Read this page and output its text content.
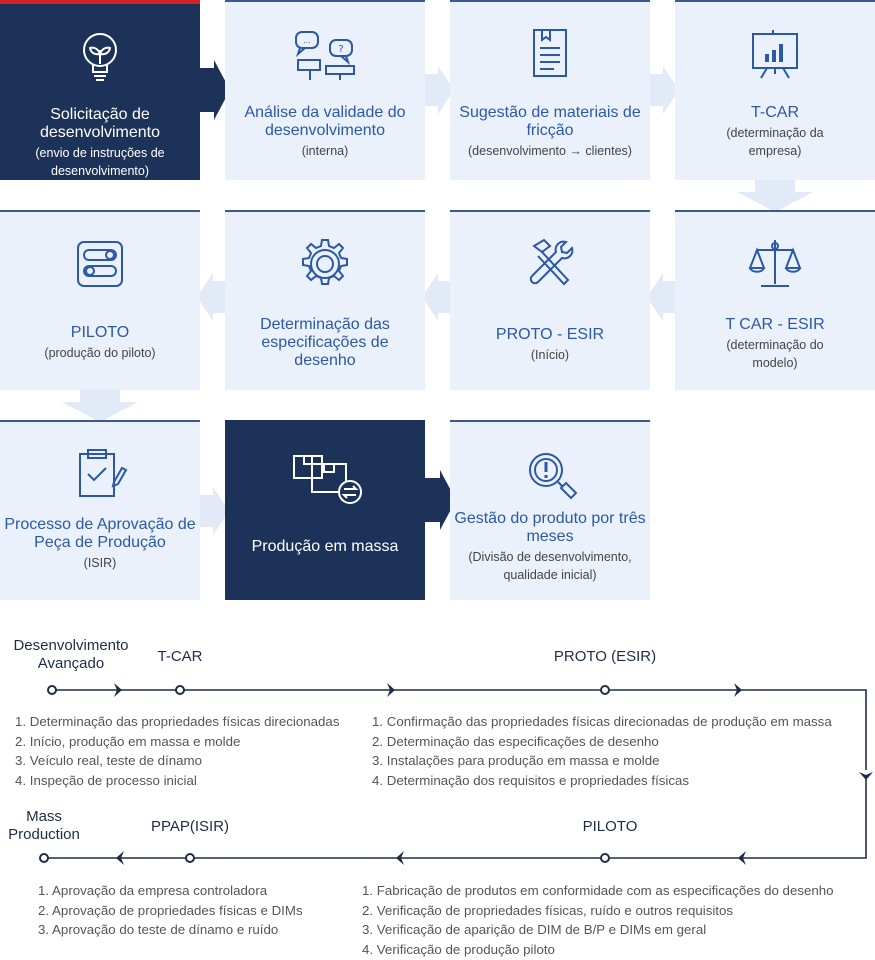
Solicitação de desenvolvimento
(envio de instruções de desenvolvimento)
?
...
Análise da validade do desenvolvimento
(interna)
Sugestão de materiais de fricção
(desenvolvimento → clientes)
T-CAR
(determinação da empresa)
T CAR - ESIR
(determinação do modelo)
PROTO - ESIR
(Início)
Determinação das especificações de desenho
PILOTO
(produção do piloto)
Processo de Aprovação de Peça de Produção
(ISIR)
Produção em massa
Gestão do produto por três meses
(Divisão de desenvolvimento, qualidade inicial)
Desenvolvimento Avançado	T-CAR	PROTO (ESIR)
1. Determinação das propriedades físicas direcionadas
2. Início, produção em massa e molde
3. Veículo real, teste de dínamo
4. Inspeção de processo inicial
1. Confirmação das propriedades físicas direcionadas de produção em massa
2. Determinação das especificações de desenho
3. Instalações para produção em massa e molde
4. Determinação dos requisitos e propriedades físicas
Mass Production	PPAP(ISIR)	PILOTO
1. Aprovação da empresa controladora
2. Aprovação de propriedades físicas e DIMs
3. Aprovação do teste de dínamo e ruído
1. Fabricação de produtos em conformidade com as especificações do desenho
2. Verificação de propriedades físicas, ruído e outros requisitos
3. Verificação de aparição de DIM de B/P e DIMs em geral
4. Verificação de produção piloto
